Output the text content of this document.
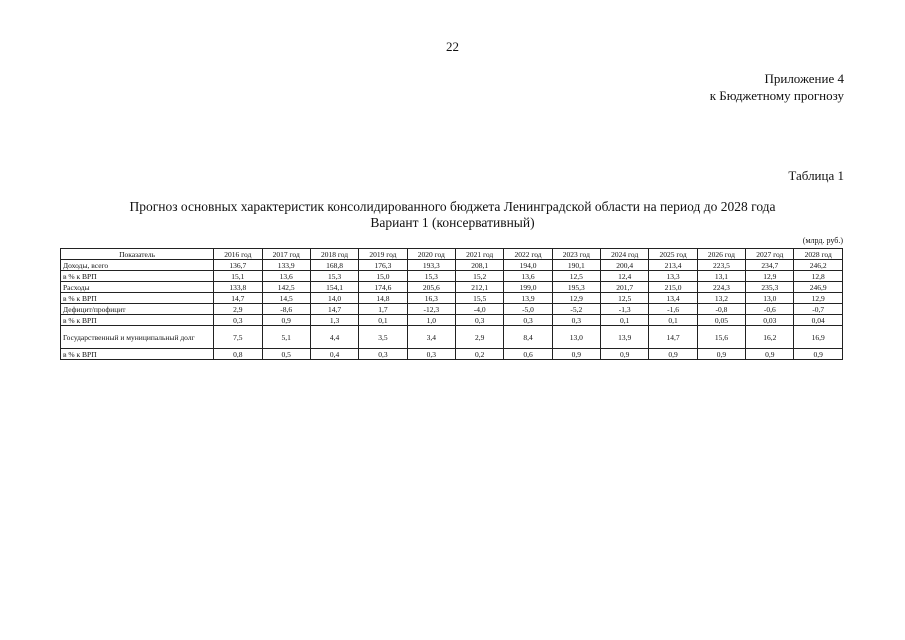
22
Приложение 4
к Бюджетному прогнозу
Таблица 1
Прогноз основных характеристик консолидированного бюджета Ленинградской области на период до 2028 года
Вариант 1 (консервативный)
(млрд. руб.)
Показатель	2016 год	2017 год	2018 год	2019 год	2020 год	2021 год	2022 год	2023 год	2024 год	2025 год	2026 год	2027 год	2028 год
Доходы, всего	136,7	133,9	168,8	176,3	193,3	208,1	194,0	190,1	200,4	213,4	223,5	234,7	246,2
в % к ВРП	15,1	13,6	15,3	15,0	15,3	15,2	13,6	12,5	12,4	13,3	13,1	12,9	12,8
Расходы	133,8	142,5	154,1	174,6	205,6	212,1	199,0	195,3	201,7	215,0	224,3	235,3	246,9
в % к ВРП	14,7	14,5	14,0	14,8	16,3	15,5	13,9	12,9	12,5	13,4	13,2	13,0	12,9
Дефицит/профицит	2,9	-8,6	14,7	1,7	-12,3	-4,0	-5,0	-5,2	-1,3	-1,6	-0,8	-0,6	-0,7
в % к ВРП	0,3	0,9	1,3	0,1	1,0	0,3	0,3	0,3	0,1	0,1	0,05	0,03	0,04
Государственный и муниципальный долг	7,5	5,1	4,4	3,5	3,4	2,9	8,4	13,0	13,9	14,7	15,6	16,2	16,9
в % к ВРП	0,8	0,5	0,4	0,3	0,3	0,2	0,6	0,9	0,9	0,9	0,9	0,9	0,9
